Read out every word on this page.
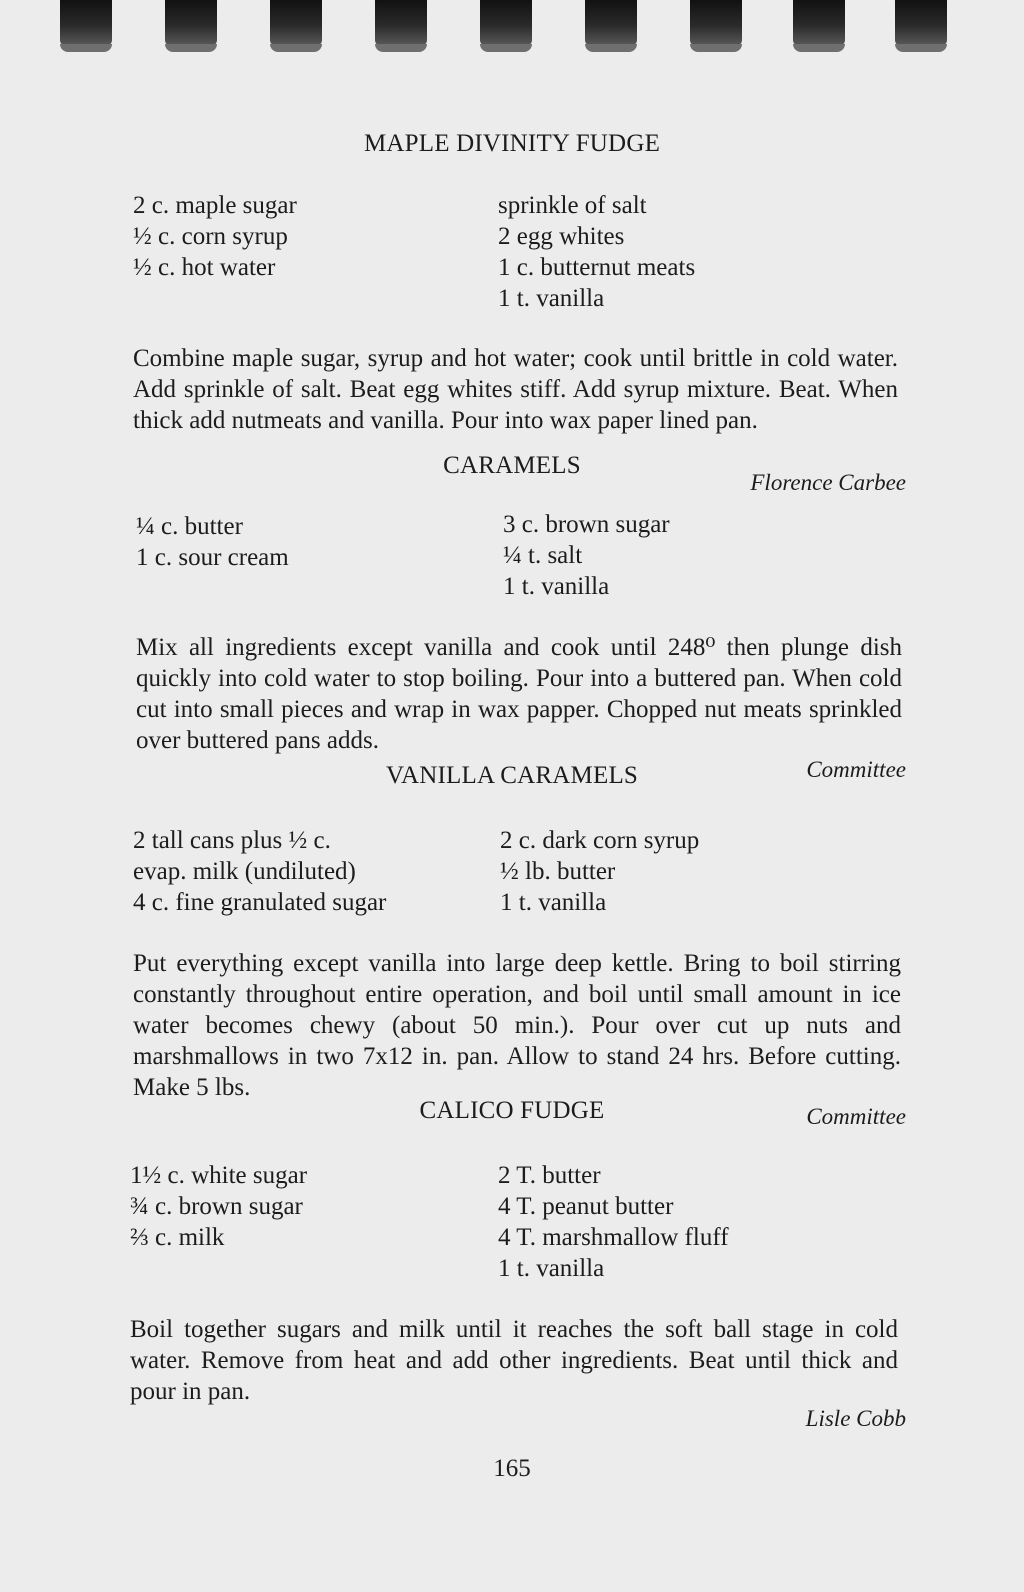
MAPLE DIVINITY FUDGE
2 c. maple sugar
½ c. corn syrup
½ c. hot water
sprinkle of salt
2 egg whites
1 c. butternut meats
1 t. vanilla
Combine maple sugar, syrup and hot water; cook until brittle in cold water. Add sprinkle of salt. Beat egg whites stiff. Add syrup mixture. Beat. When thick add nutmeats and vanilla. Pour into wax paper lined pan.
Florence Carbee
CARAMELS
¼ c. butter
1 c. sour cream
3 c. brown sugar
¼ t. salt
1 t. vanilla
Mix all ingredients except vanilla and cook until 248⁰ then plunge dish quickly into cold water to stop boiling. Pour into a buttered pan. When cold cut into small pieces and wrap in wax papper. Chopped nut meats sprinkled over buttered pans adds.
Committee
VANILLA CARAMELS
2 tall cans plus ½ c.
evap. milk (undiluted)
4 c. fine granulated sugar
2 c. dark corn syrup
½ lb. butter
1 t. vanilla
Put everything except vanilla into large deep kettle. Bring to boil stirring constantly throughout entire operation, and boil until small amount in ice water becomes chewy (about 50 min.). Pour over cut up nuts and marshmallows in two 7x12 in. pan. Allow to stand 24 hrs. Before cutting. Make 5 lbs.
Committee
CALICO FUDGE
1½ c. white sugar
¾ c. brown sugar
⅔ c. milk
2 T. butter
4 T. peanut butter
4 T. marshmallow fluff
1 t. vanilla
Boil together sugars and milk until it reaches the soft ball stage in cold water. Remove from heat and add other ingredients. Beat until thick and pour in pan.
Lisle Cobb
165
